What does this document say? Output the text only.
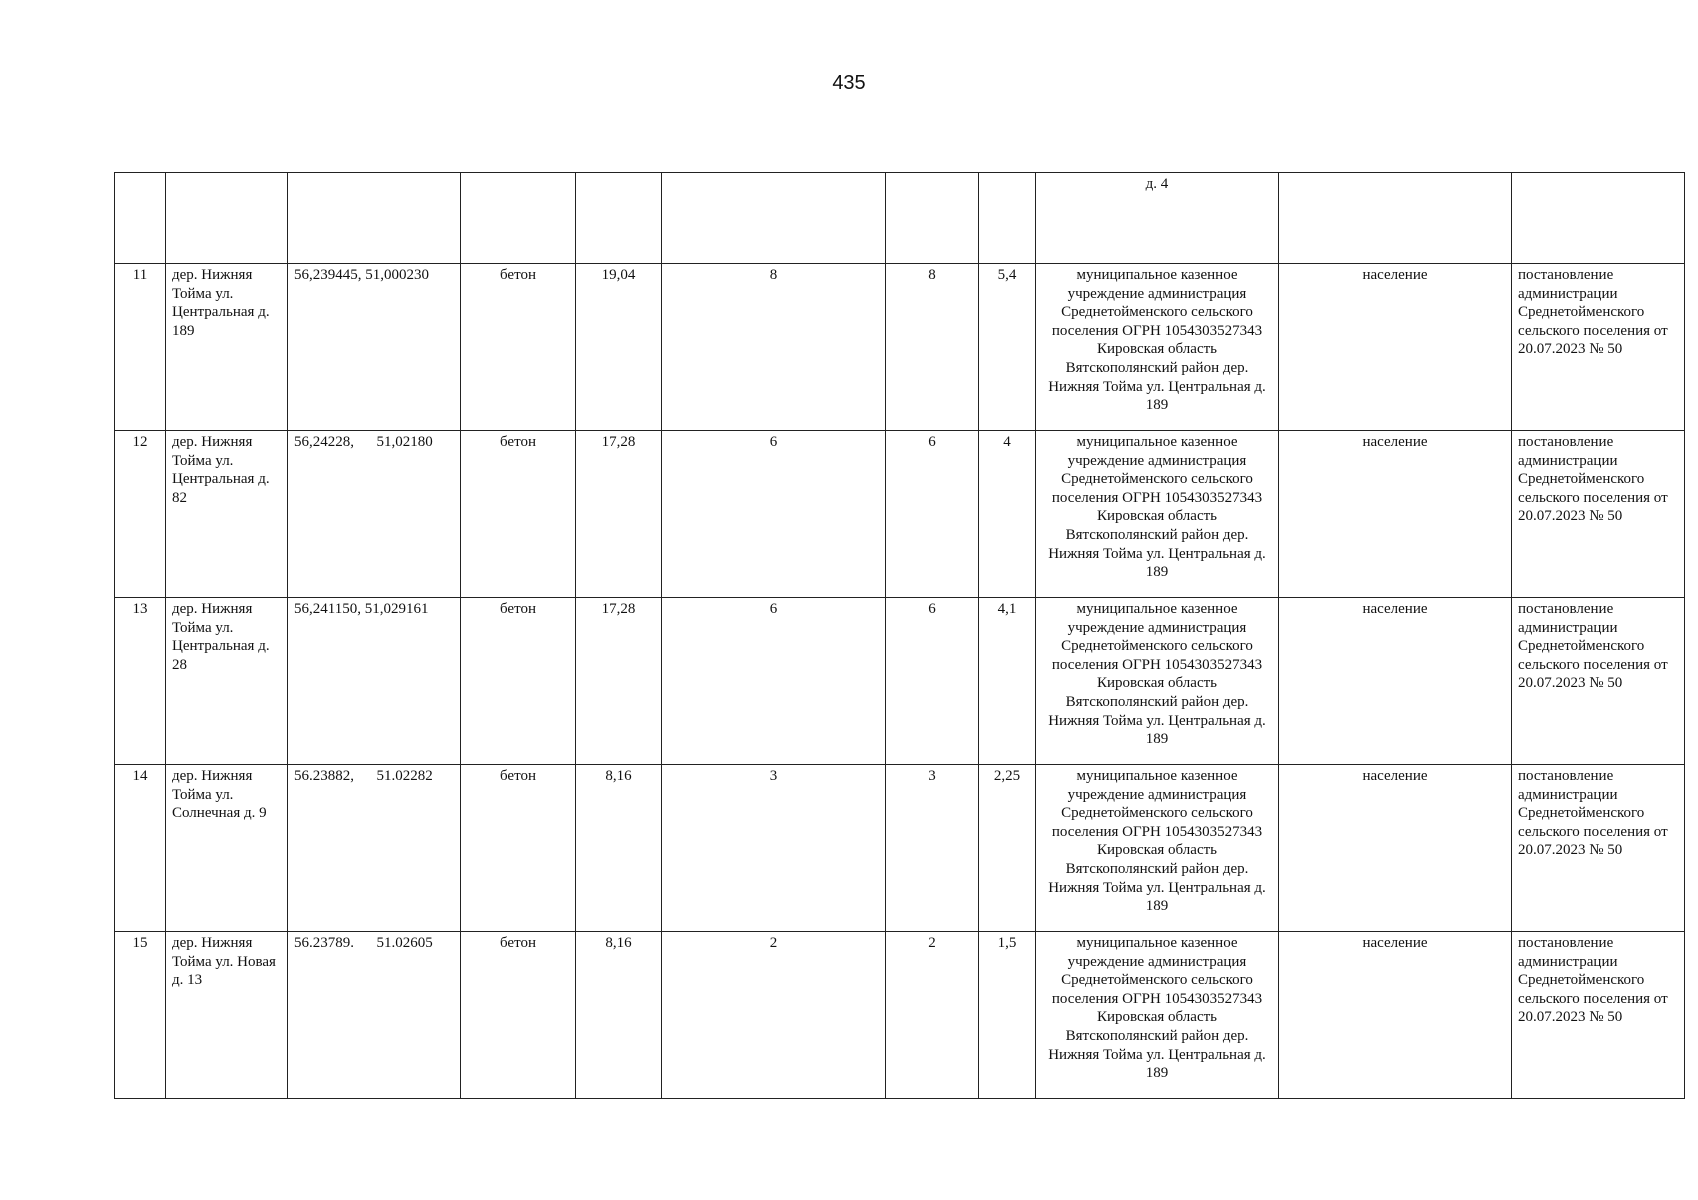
435
								д. 4		
11	дер. Нижняя Тойма ул. Центральная д. 189	56,239445, 51,000230	бетон	19,04	8	8	5,4	муниципальное казенное учреждение администрация Среднетойменского сельского поселения ОГРН 1054303527343 Кировская область Вятскополянский район дер. Нижняя Тойма ул. Центральная д. 189	население	постановление администрации Среднетойменского сельского поселения от 20.07.2023 № 50
12	дер. Нижняя Тойма ул. Центральная д. 82	56,24228,      51,02180	бетон	17,28	6	6	4	муниципальное казенное учреждение администрация Среднетойменского сельского поселения ОГРН 1054303527343 Кировская область Вятскополянский район дер. Нижняя Тойма ул. Центральная д. 189	население	постановление администрации Среднетойменского сельского поселения от 20.07.2023 № 50
13	дер. Нижняя Тойма ул. Центральная д. 28	56,241150, 51,029161	бетон	17,28	6	6	4,1	муниципальное казенное учреждение администрация Среднетойменского сельского поселения ОГРН 1054303527343 Кировская область Вятскополянский район дер. Нижняя Тойма ул. Центральная д. 189	население	постановление администрации Среднетойменского сельского поселения от 20.07.2023 № 50
14	дер. Нижняя Тойма ул. Солнечная д. 9	56.23882,      51.02282	бетон	8,16	3	3	2,25	муниципальное казенное учреждение администрация Среднетойменского сельского поселения ОГРН 1054303527343 Кировская область Вятскополянский район дер. Нижняя Тойма ул. Центральная д. 189	население	постановление администрации Среднетойменского сельского поселения от 20.07.2023 № 50
15	дер. Нижняя Тойма ул. Новая д. 13	56.23789.      51.02605	бетон	8,16	2	2	1,5	муниципальное казенное учреждение администрация Среднетойменского сельского поселения ОГРН 1054303527343 Кировская область Вятскополянский район дер. Нижняя Тойма ул. Центральная д. 189	население	постановление администрации Среднетойменского сельского поселения от 20.07.2023 № 50
